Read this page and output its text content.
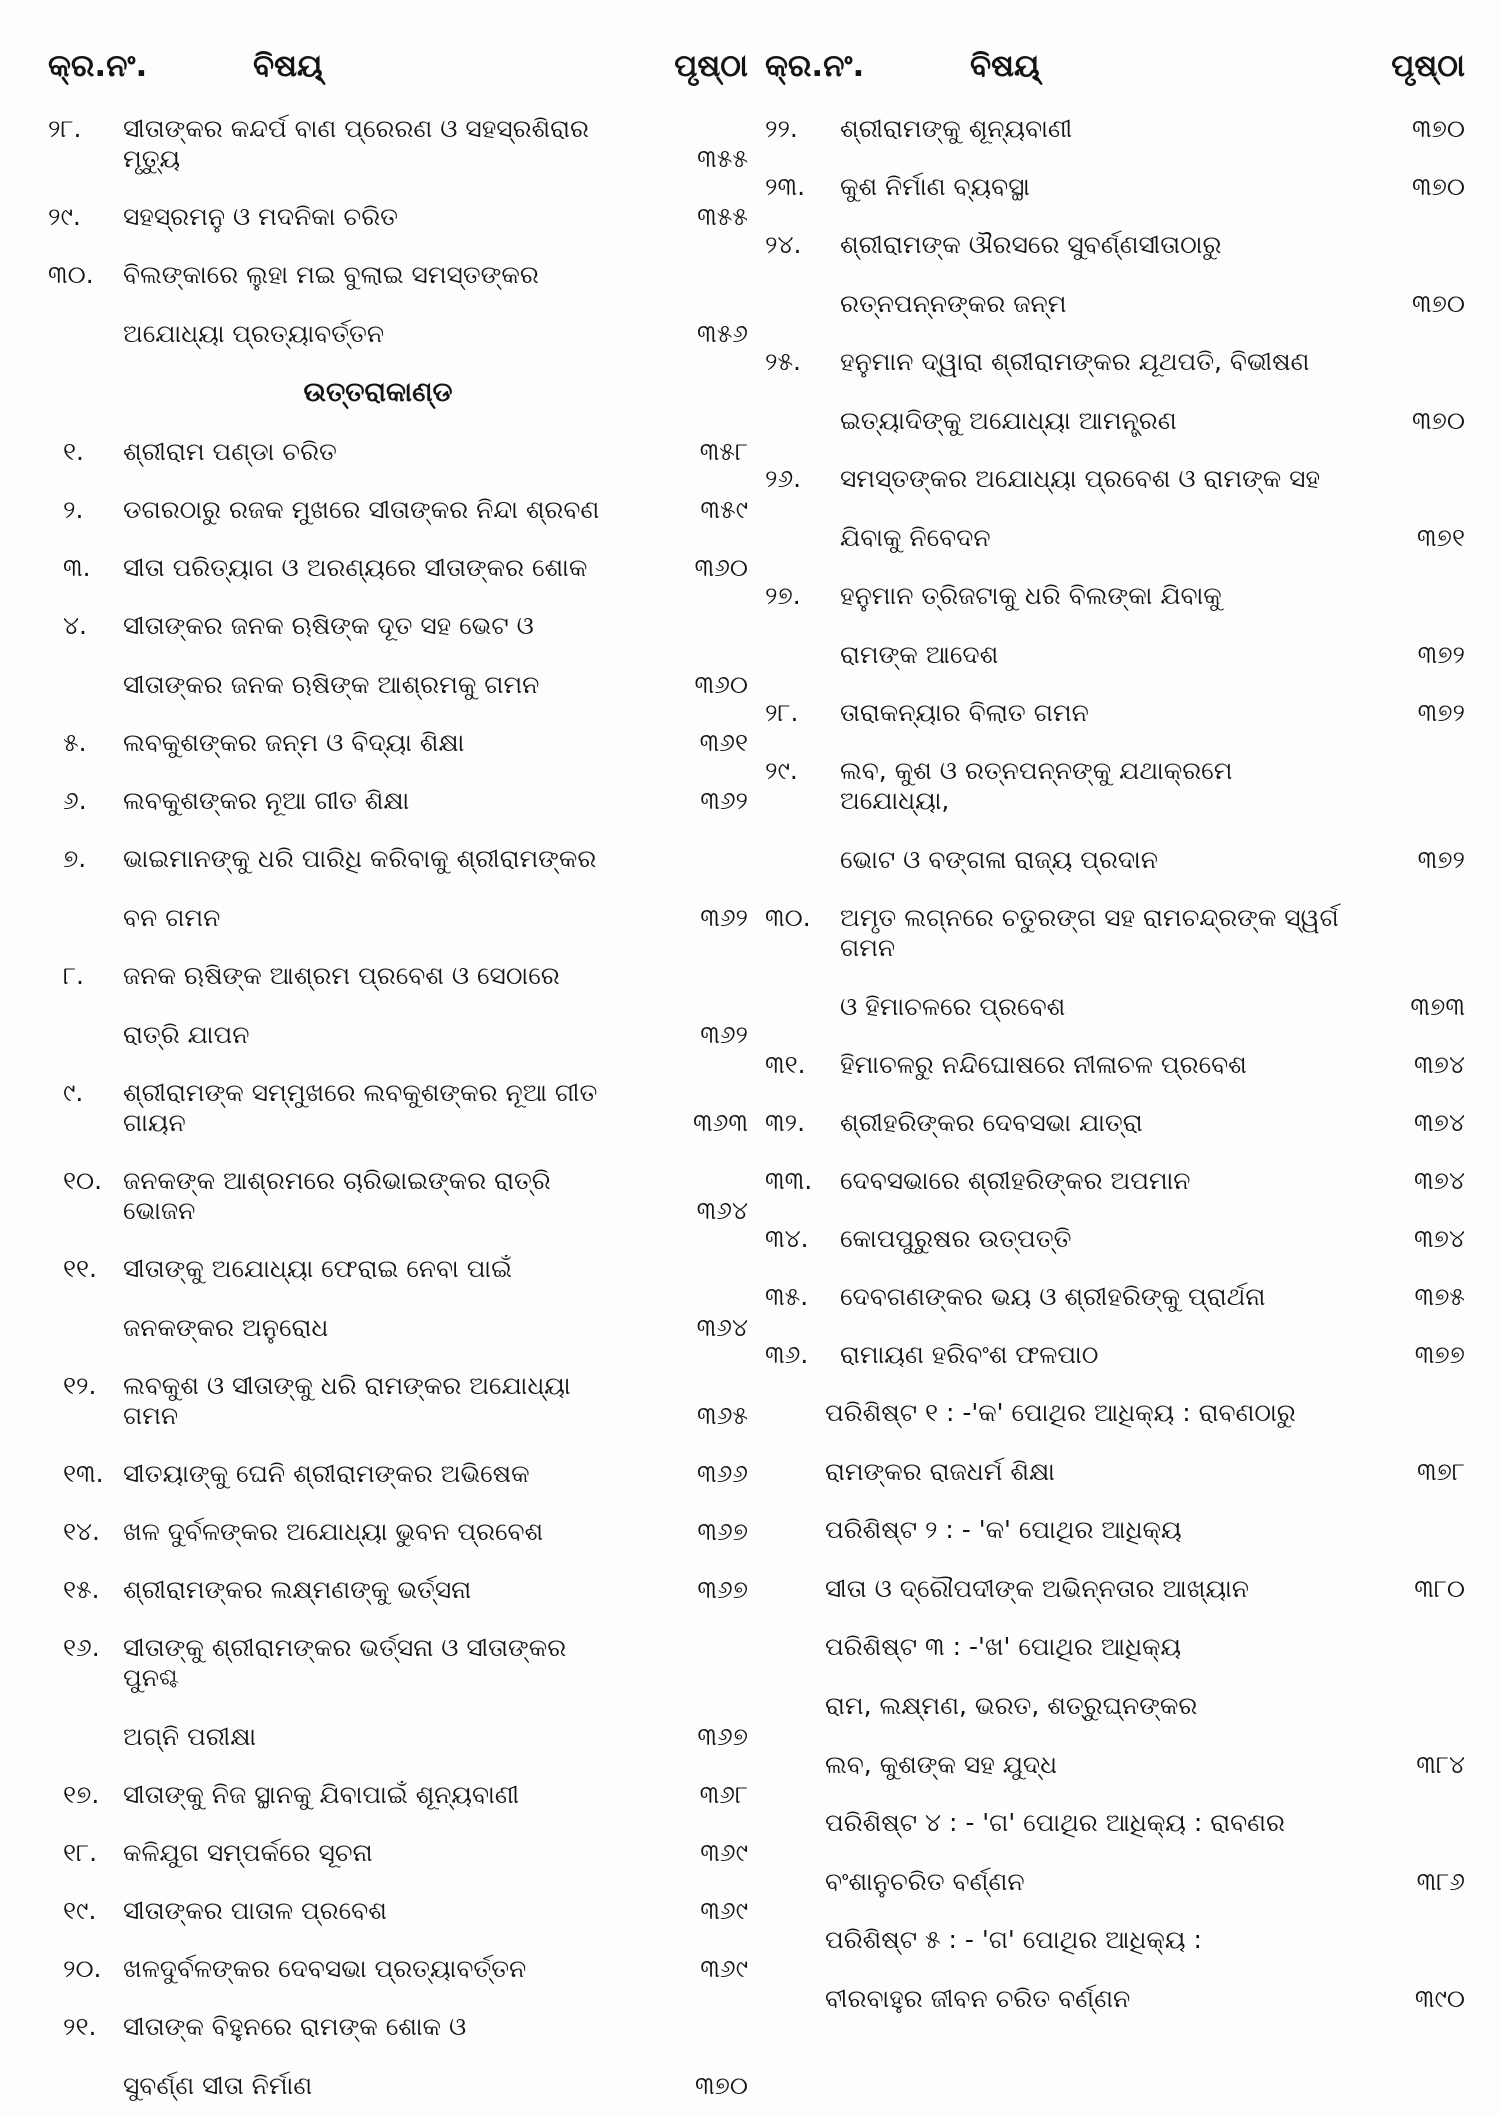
କ୍ର.ନଂ.	ବିଷୟ୍	ପୃଷ୍ଠା
୨୮. ସୀତାଙ୍କର କନ୍ଦର୍ପ ବାଣ ପ୍ରେରଣ ଓ ସହସ୍ରଶିରାର ମୃତ୍ୟୁ	୩୫୫
୨୯. ସହସ୍ରମନୁ ଓ ମଦନିକା ଚରିତ	୩୫୫
୩୦. ବିଲଙ୍କାରେ ଲୁହା ମଇ ବୁଲାଇ ସମସ୍ତଙ୍କର
ଅଯୋଧ୍ୟା ପ୍ରତ୍ୟାବର୍ତ୍ତନ	୩୫୬
ଉତ୍ତରାକାଣ୍ଡ
୧. ଶ୍ରୀରାମ ପଣ୍ଡା ଚରିତ	୩୫୮
୨. ଡଗରଠାରୁ ରଜକ ମୁଖରେ ସୀତାଙ୍କର ନିନ୍ଦା ଶ୍ରବଣ	୩୫୯
୩. ସୀତା ପରିତ୍ୟାଗ ଓ ଅରଣ୍ୟରେ ସୀତାଙ୍କର ଶୋକ	୩୬୦
୪. ସୀତାଙ୍କର ଜନକ ଋଷିଙ୍କ ଦୂତ ସହ ଭେଟ ଓ
ସୀତାଙ୍କର ଜନକ ଋଷିଙ୍କ ଆଶ୍ରମକୁ ଗମନ	୩୬୦
୫. ଲବକୁଶଙ୍କର ଜନ୍ମ ଓ ବିଦ୍ୟା ଶିକ୍ଷା	୩୬୧
୬. ଲବକୁଶଙ୍କର ନୂଆ ଗୀତ ଶିକ୍ଷା	୩୬୨
୭. ଭାଇମାନଙ୍କୁ ଧରି ପାରିଧି କରିବାକୁ ଶ୍ରୀରାମଙ୍କର
ବନ ଗମନ	୩୬୨
୮. ଜନକ ଋଷିଙ୍କ ଆଶ୍ରମ ପ୍ରବେଶ ଓ ସେଠାରେ
ରାତ୍ରି ଯାପନ	୩୬୨
୯. ଶ୍ରୀରାମଙ୍କ ସମ୍ମୁଖରେ ଲବକୁଶଙ୍କର ନୂଆ ଗୀତ ଗାୟନ	୩୬୩
୧୦. ଜନକଙ୍କ ଆଶ୍ରମରେ ଚାରିଭାଇଙ୍କର ରାତ୍ରି ଭୋଜନ	୩୬୪
୧୧. ସୀତାଙ୍କୁ ଅଯୋଧ୍ୟା ଫେରାଇ ନେବା ପାଇଁ
ଜନକଙ୍କର ଅନୁରୋଧ	୩୬୪
୧୨. ଲବକୁଶ ଓ ସୀତାଙ୍କୁ ଧରି ରାମଙ୍କର ଅଯୋଧ୍ୟା ଗମନ	୩୬୫
୧୩. ସୀତୟାଙ୍କୁ ଘେନି ଶ୍ରୀରାମଙ୍କର ଅଭିଷେକ	୩୬୬
୧୪. ଖଳ ଦୁର୍ବଳଙ୍କର ଅଯୋଧ୍ୟା ଭୁବନ ପ୍ରବେଶ	୩୬୭
୧୫. ଶ୍ରୀରାମଙ୍କର ଲକ୍ଷ୍ମଣଙ୍କୁ ଭର୍ତ୍ସନା	୩୬୭
୧୬. ସୀତାଙ୍କୁ ଶ୍ରୀରାମଙ୍କର ଭର୍ତ୍ସନା ଓ ସୀତାଙ୍କର ପୁନଶ୍ଚ
ଅଗ୍ନି ପରୀକ୍ଷା	୩୬୭
୧୭. ସୀତାଙ୍କୁ ନିଜ ସ୍ଥାନକୁ ଯିବାପାଇଁ ଶୂନ୍ୟବାଣୀ	୩୬୮
୧୮. କଳିଯୁଗ ସମ୍ପର୍କରେ ସୂଚନା	୩୬୯
୧୯. ସୀତାଙ୍କର ପାତାଳ ପ୍ରବେଶ	୩୬୯
୨୦. ଖଳଦୁର୍ବଳଙ୍କର ଦେବସଭା ପ୍ରତ୍ୟାବର୍ତ୍ତନ	୩୬୯
୨୧. ସୀତାଙ୍କ ବିହୁନରେ ରାମଙ୍କ ଶୋକ ଓ
ସୁବର୍ଣ୍ଣ ସୀତା ନିର୍ମାଣ	୩୭୦
କ୍ର.ନଂ.	ବିଷୟ୍	ପୃଷ୍ଠା
୨୨. ଶ୍ରୀରାମଙ୍କୁ ଶୂନ୍ୟବାଣୀ	୩୭୦
୨୩. କୁଶ ନିର୍ମାଣ ବ୍ୟବସ୍ଥା	୩୭୦
୨୪. ଶ୍ରୀରାମଙ୍କ ଔରସରେ ସୁବର୍ଣ୍ଣସୀତାଠାରୁ
ରତ୍ନପନ୍ନଙ୍କର ଜନ୍ମ	୩୭୦
୨୫. ହନୁମାନ ଦ୍ୱାରା ଶ୍ରୀରାମଙ୍କର ଯୂଥପତି, ବିଭୀଷଣ
ଇତ୍ୟାଦିଙ୍କୁ ଅଯୋଧ୍ୟା ଆମନ୍ତ୍ରଣ	୩୭୦
୨୬. ସମସ୍ତଙ୍କର ଅଯୋଧ୍ୟା ପ୍ରବେଶ ଓ ରାମଙ୍କ ସହ
ଯିବାକୁ ନିବେଦନ	୩୭୧
୨୭. ହନୁମାନ ତ୍ରିଜଟାକୁ ଧରି ବିଲଙ୍କା ଯିବାକୁ
ରାମଙ୍କ ଆଦେଶ	୩୭୨
୨୮. ତାରାକନ୍ୟାର ବିଲାତ ଗମନ	୩୭୨
୨୯. ଲବ, କୁଶ ଓ ରତ୍ନପନ୍ନଙ୍କୁ ଯଥାକ୍ରମେ ଅଯୋଧ୍ୟା,
ଭୋଟ ଓ ବଙ୍ଗଳା ରାଜ୍ୟ ପ୍ରଦାନ	୩୭୨
୩୦. ଅମୃତ ଲଗ୍ନରେ ଚତୁରଙ୍ଗ ସହ ରାମଚନ୍ଦ୍ରଙ୍କ ସ୍ୱର୍ଗ ଗମନ
ଓ ହିମାଚଳରେ ପ୍ରବେଶ	୩୭୩
୩୧. ହିମାଚଳରୁ ନନ୍ଦିଘୋଷରେ ନୀଳାଚଳ ପ୍ରବେଶ	୩୭୪
୩୨. ଶ୍ରୀହରିଙ୍କର ଦେବସଭା ଯାତ୍ରା	୩୭୪
୩୩. ଦେବସଭାରେ ଶ୍ରୀହରିଙ୍କର ଅପମାନ	୩୭୪
୩୪. କୋପପୁରୁଷର ଉତ୍ପତ୍ତି	୩୭୪
୩୫. ଦେବଗଣଙ୍କର ଭୟ ଓ ଶ୍ରୀହରିଙ୍କୁ ପ୍ରାର୍ଥନା	୩୭୫
୩୬. ରାମାୟଣ ହରିବଂଶ ଫଳପାଠ	୩୭୭
ପରିଶିଷ୍ଟ ୧ : -'କ' ପୋଥିର ଆଧିକ୍ୟ : ରାବଣଠାରୁ
ରାମଙ୍କର ରାଜଧର୍ମ ଶିକ୍ଷା	୩୭୮
ପରିଶିଷ୍ଟ ୨ : - 'କ' ପୋଥିର ଆଧିକ୍ୟ
ସୀତା ଓ ଦ୍ରୌପଦୀଙ୍କ ଅଭିନ୍ନତାର ଆଖ୍ୟାନ	୩୮୦
ପରିଶିଷ୍ଟ ୩ : -'ଖ' ପୋଥିର ଆଧିକ୍ୟ
ରାମ, ଲକ୍ଷ୍ମଣ, ଭରତ, ଶତ୍ରୁଘ୍ନଙ୍କର
ଲବ, କୁଶଙ୍କ ସହ ଯୁଦ୍ଧ	୩୮୪
ପରିଶିଷ୍ଟ ୪ : - 'ଗ' ପୋଥିର ଆଧିକ୍ୟ : ରାବଣର
ବଂଶାନୁଚରିତ ବର୍ଣ୍ଣନ	୩୮୬
ପରିଶିଷ୍ଟ ୫ : - 'ଗ' ପୋଥିର ଆଧିକ୍ୟ :
ବୀରବାହୁର ଜୀବନ ଚରିତ ବର୍ଣ୍ଣନ	୩୯୦
